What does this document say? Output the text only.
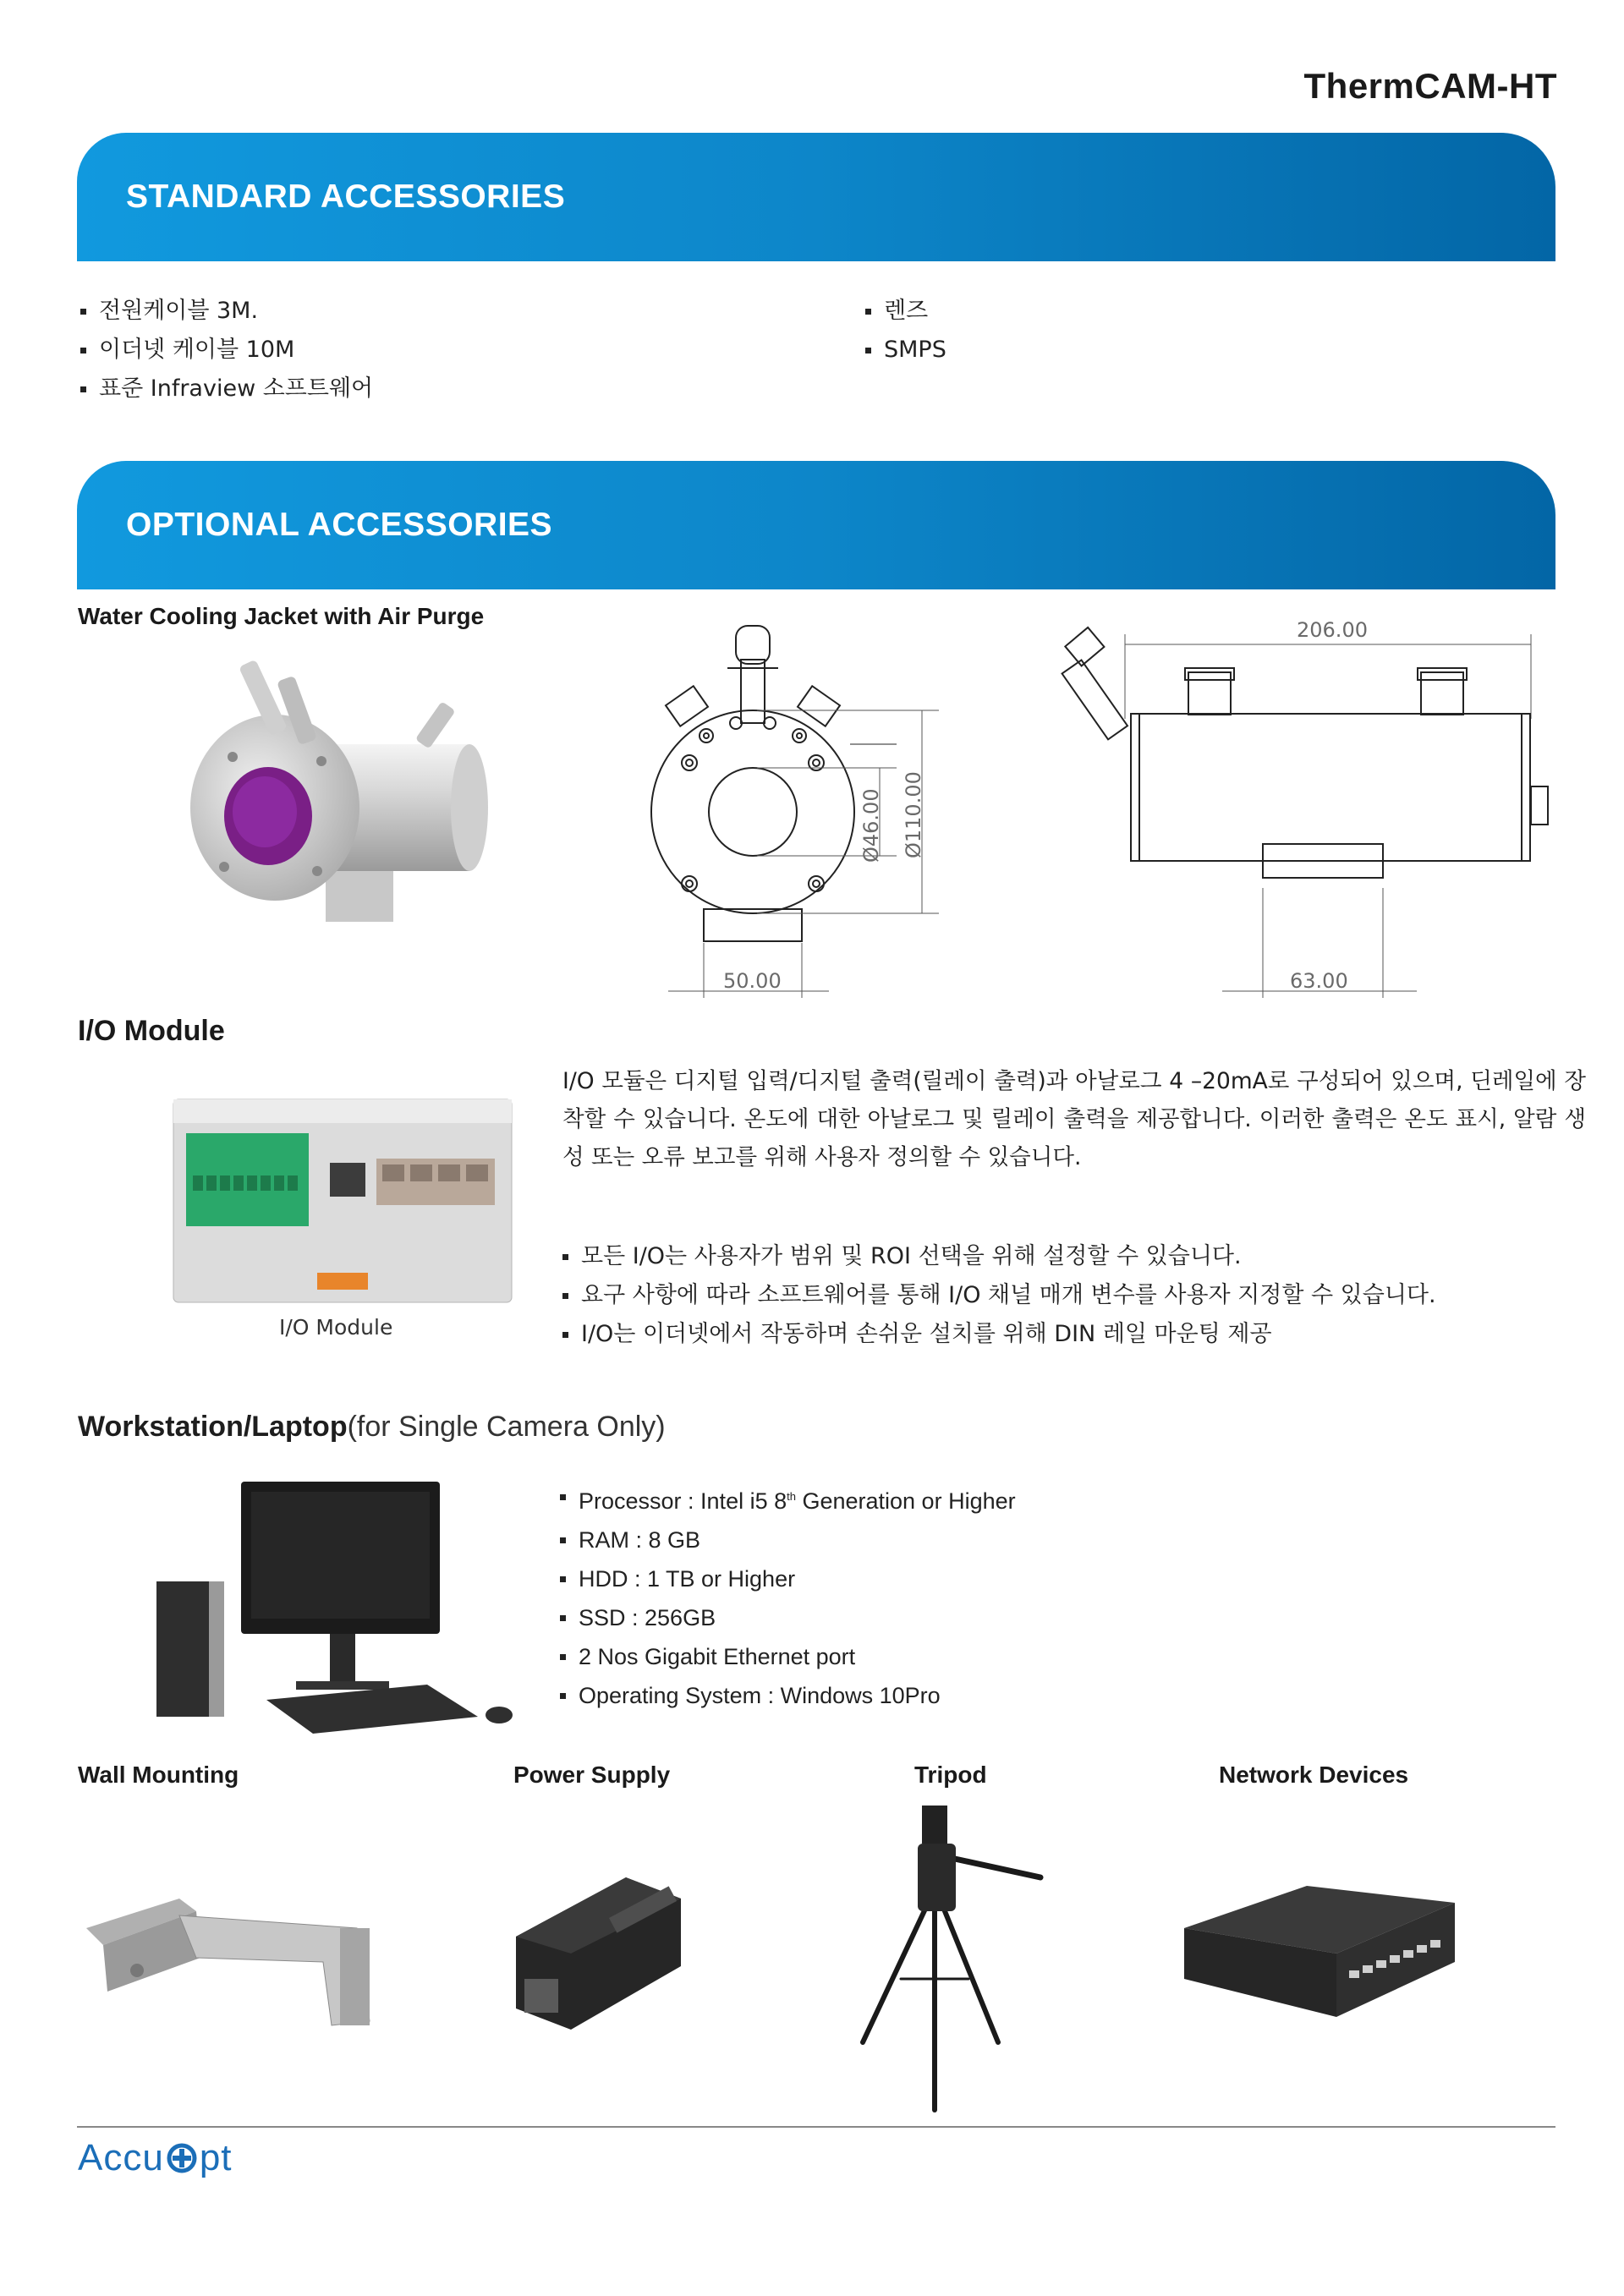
ThermCAM-HT
STANDARD ACCESSORIES
전원케이블 3M.
이더넷 케이블 10M
표준 Infraview 소프트웨어
렌즈
SMPS
OPTIONAL ACCESSORIES
Water Cooling Jacket with Air Purge
Ø46.00 Ø110.00
50.00
206.00
63.00
I/O Module
I/O Module
I/O 모듈은 디지털 입력/디지털 출력(릴레이 출력)과 아날로그 4 –20mA로 구성되어 있으며, 딘레일에 장착할 수 있습니다. 온도에 대한 아날로그 및 릴레이 출력을 제공합니다. 이러한 출력은 온도 표시, 알람 생성 또는 오류 보고를 위해 사용자 정의할 수 있습니다.
모든 I/O는 사용자가 범위 및 ROI 선택을 위해 설정할 수 있습니다.
요구 사항에 따라 소프트웨어를 통해 I/O 채널 매개 변수를 사용자 지정할 수 있습니다.
I/O는 이더넷에서 작동하며 손쉬운 설치를 위해 DIN 레일 마운팅 제공
Workstation/Laptop(for Single Camera Only)
Processor : Intel i5 8th Generation or Higher
RAM : 8 GB
HDD : 1 TB or Higher
SSD : 256GB
2 Nos Gigabit Ethernet port
Operating System : Windows 10Pro
Wall Mounting	Power Supply	Tripod	Network Devices
Accu pt
